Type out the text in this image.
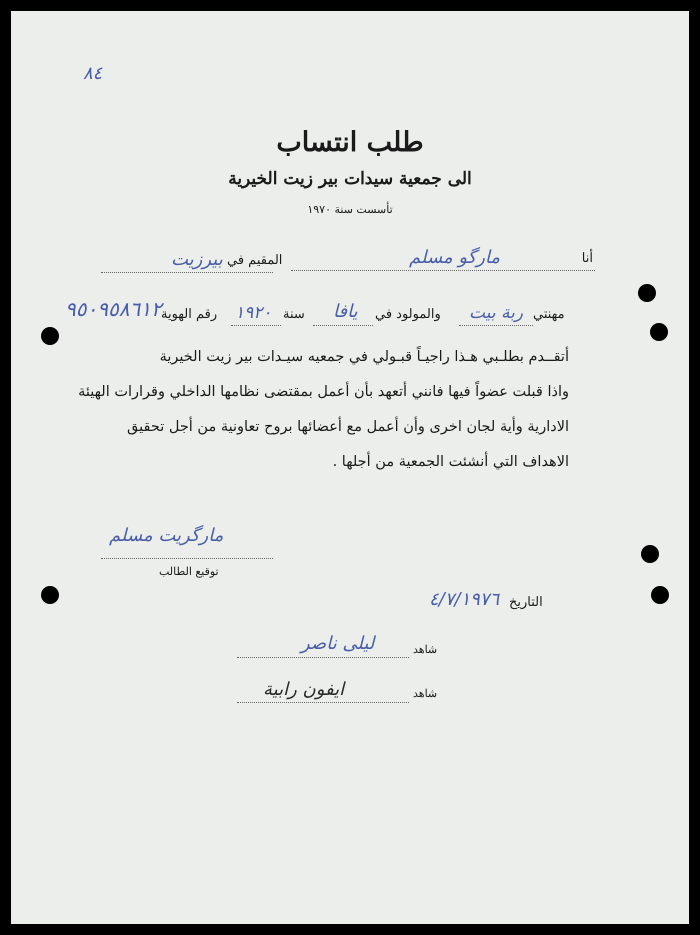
٨٤
طلب انتساب
الى جمعية سيدات بير زيت الخيرية
تأسست سنة ١٩٧٠
أنا
مارگو مسلم
المقيم في
بيرزيت
مهنتي
ربة بيت
والمولود في
يافا
سنة
١٩٢٠
رقم الهوية
٩٥٠٩٥٨٦١٢
أتقــدم بطلـبي هـذا راجيـاً قبـولي في جمعيه سيـدات بير زيت الخيرية
واذا قبلت عضواً فيها فانني أتعهد بأن أعمل بمقتضى نظامها الداخلي وقرارات الهيئة
الادارية وأية لجان اخرى وأن أعمل مع أعضائها بروح تعاونية من أجل تحقيق
الاهداف التي أنشئت الجمعية من أجلها .
مارگريت مسلم
توقيع الطالب
التاريخ
٤/٧/١٩٧٦
شاهد
ليلى ناصر
شاهد
ايفون رابية
